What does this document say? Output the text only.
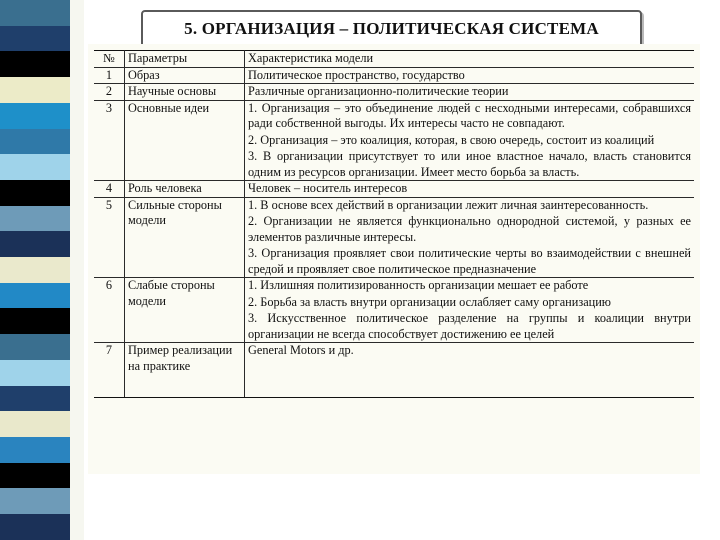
5. ОРГАНИЗАЦИЯ – ПОЛИТИЧЕСКАЯ СИСТЕМА
№	Параметры	Характеристика модели
1	Образ	Политическое пространство, государство

2	Научные основы	Различные организационно-политические теории

3	Основные идеи	1. Организация – это объединение людей с несходными интересами, собравшихся ради собственной выгоды. Их интересы часто не совпадают.
2. Организация – это коалиция, которая, в свою очередь, состоит из коалиций
3. В организации присутствует то или иное властное начало, власть становится одним из ресурсов организации. Имеет место борьба за власть.

4	Роль человека	Человек – носитель интересов

5	Сильные стороны модели	1. В основе всех действий в организации лежит личная заинтересованность.
2. Организации не является функционально однородной системой, у разных ее элементов различные интересы.
3. Организация проявляет свои политические черты во взаимодействии с внешней средой и проявляет свое политическое предназначение

6	Слабые стороны модели	1. Излишняя политизированность организации мешает ее работе
2. Борьба за власть внутри организации ослабляет саму организацию
3. Искусственное политическое разделение на группы и коалиции внутри организации не всегда способствует достижению ее целей

7	Пример реализации на практике	General Motors и др.
